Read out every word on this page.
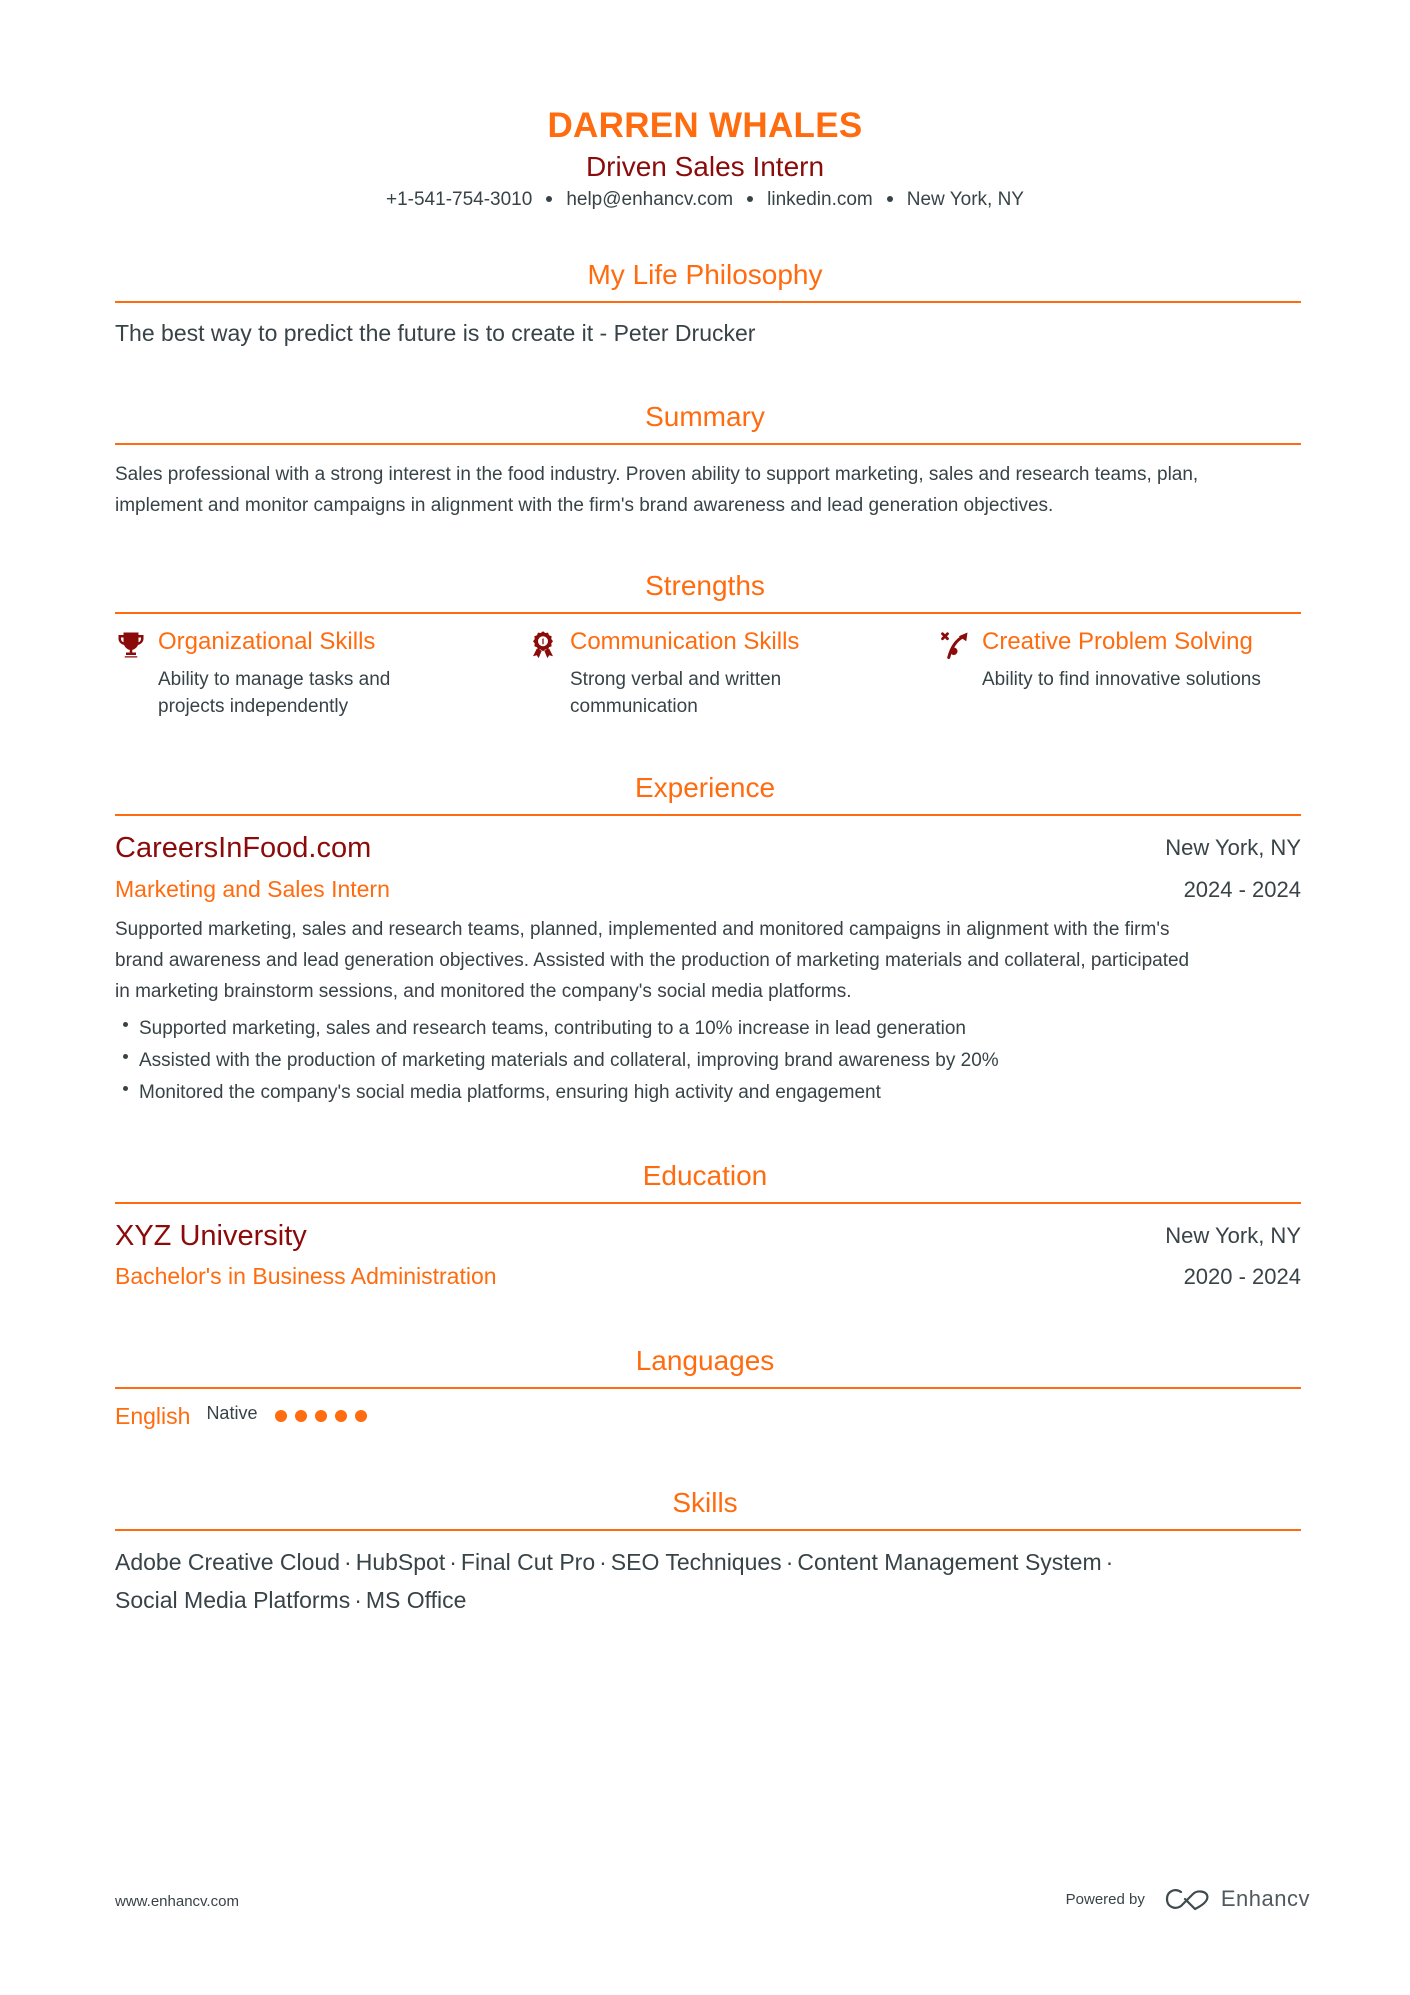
DARREN WHALES
Driven Sales Intern
+1-541-754-3010 help@enhancv.com linkedin.com New York, NY
My Life Philosophy
The best way to predict the future is to create it - Peter Drucker
Summary
Sales professional with a strong interest in the food industry. Proven ability to support marketing, sales and research teams, plan,
implement and monitor campaigns in alignment with the firm's brand awareness and lead generation objectives.
Strengths
Organizational Skills
Ability to manage tasks and projects independently
Communication Skills
Strong verbal and written communication
Creative Problem Solving
Ability to find innovative solutions
Experience
CareersInFood.com	New York, NY
Marketing and Sales Intern	2024 - 2024
Supported marketing, sales and research teams, planned, implemented and monitored campaigns in alignment with the firm's
brand awareness and lead generation objectives. Assisted with the production of marketing materials and collateral, participated
in marketing brainstorm sessions, and monitored the company's social media platforms.
Supported marketing, sales and research teams, contributing to a 10% increase in lead generation
Assisted with the production of marketing materials and collateral, improving brand awareness by 20%
Monitored the company's social media platforms, ensuring high activity and engagement
Education
XYZ University	New York, NY
Bachelor's in Business Administration	2020 - 2024
Languages
English Native
Skills
Adobe Creative Cloud · HubSpot · Final Cut Pro · SEO Techniques · Content Management System ·
Social Media Platforms · MS Office
www.enhancv.com	Powered by	Enhancv
